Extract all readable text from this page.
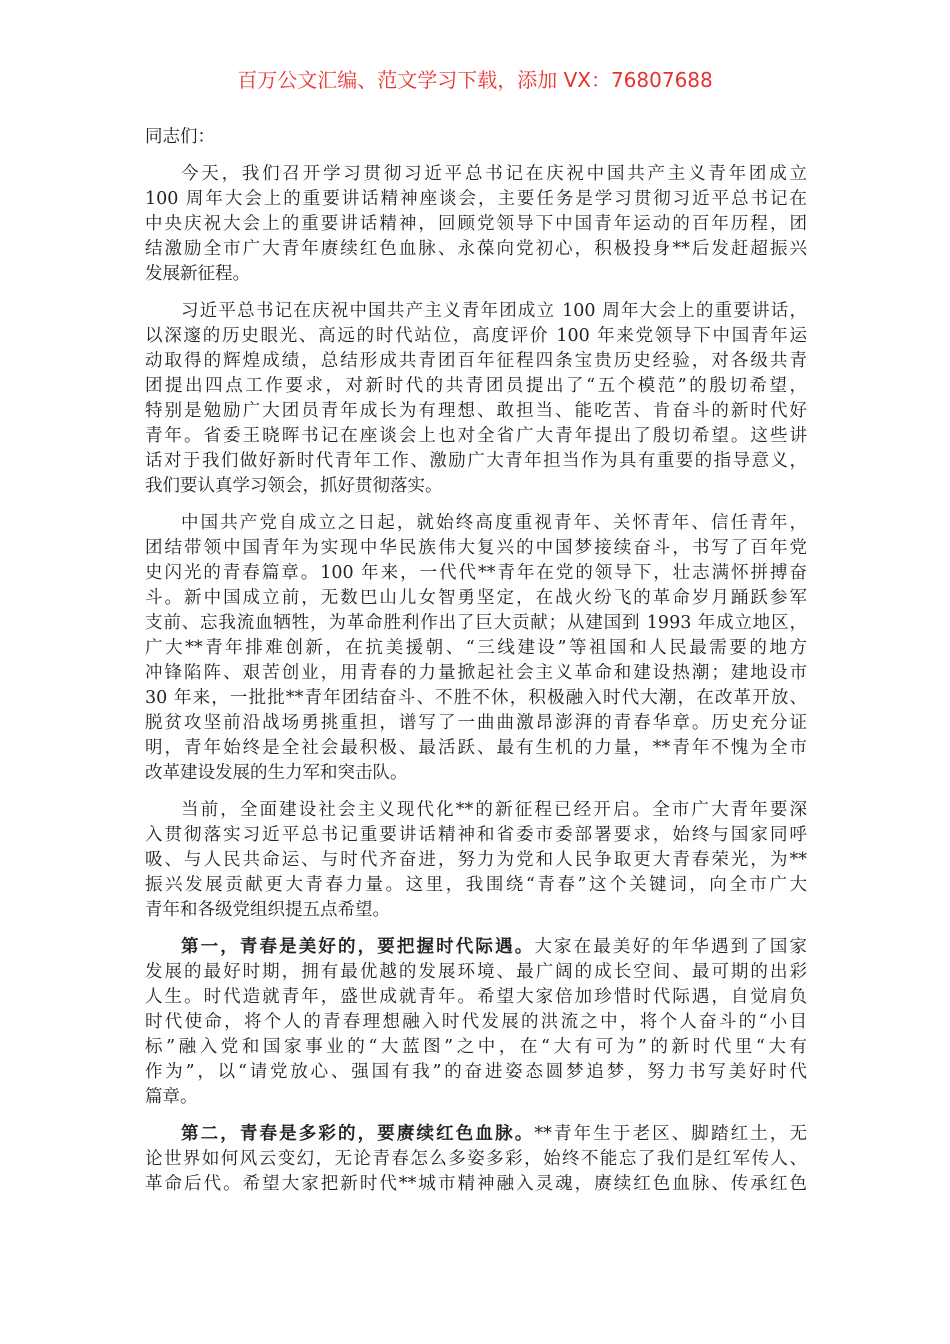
百万公文汇编、范文学习下载，添加 VX：76807688
同志们：
今天，我们召开学习贯彻习近平总书记在庆祝中国共产主义青年团成立
100 周年大会上的重要讲话精神座谈会，主要任务是学习贯彻习近平总书记在
中央庆祝大会上的重要讲话精神，回顾党领导下中国青年运动的百年历程，团
结激励全市广大青年赓续红色血脉、永葆向党初心，积极投身**后发赶超振兴
发展新征程。
习近平总书记在庆祝中国共产主义青年团成立 100 周年大会上的重要讲话，
以深邃的历史眼光、高远的时代站位，高度评价 100 年来党领导下中国青年运
动取得的辉煌成绩，总结形成共青团百年征程四条宝贵历史经验，对各级共青
团提出四点工作要求，对新时代的共青团员提出了“五个模范”的殷切希望，
特别是勉励广大团员青年成长为有理想、敢担当、能吃苦、肯奋斗的新时代好
青年。省委王晓晖书记在座谈会上也对全省广大青年提出了殷切希望。这些讲
话对于我们做好新时代青年工作、激励广大青年担当作为具有重要的指导意义，
我们要认真学习领会，抓好贯彻落实。
中国共产党自成立之日起，就始终高度重视青年、关怀青年、信任青年，
团结带领中国青年为实现中华民族伟大复兴的中国梦接续奋斗，书写了百年党
史闪光的青春篇章。100 年来，一代代**青年在党的领导下，壮志满怀拼搏奋
斗。新中国成立前，无数巴山儿女智勇坚定，在战火纷飞的革命岁月踊跃参军
支前、忘我流血牺牲，为革命胜利作出了巨大贡献；从建国到 1993 年成立地区，
广大**青年排难创新，在抗美援朝、“三线建设”等祖国和人民最需要的地方
冲锋陷阵、艰苦创业，用青春的力量掀起社会主义革命和建设热潮；建地设市
30 年来，一批批**青年团结奋斗、不胜不休，积极融入时代大潮，在改革开放、
脱贫攻坚前沿战场勇挑重担，谱写了一曲曲激昂澎湃的青春华章。历史充分证
明，青年始终是全社会最积极、最活跃、最有生机的力量，**青年不愧为全市
改革建设发展的生力军和突击队。
当前，全面建设社会主义现代化**的新征程已经开启。全市广大青年要深
入贯彻落实习近平总书记重要讲话精神和省委市委部署要求，始终与国家同呼
吸、与人民共命运、与时代齐奋进，努力为党和人民争取更大青春荣光，为**
振兴发展贡献更大青春力量。这里，我围绕“青春”这个关键词，向全市广大
青年和各级党组织提五点希望。
第一，青春是美好的，要把握时代际遇。大家在最美好的年华遇到了国家
发展的最好时期，拥有最优越的发展环境、最广阔的成长空间、最可期的出彩
人生。时代造就青年，盛世成就青年。希望大家倍加珍惜时代际遇，自觉肩负
时代使命，将个人的青春理想融入时代发展的洪流之中，将个人奋斗的“小目
标”融入党和国家事业的“大蓝图”之中，在“大有可为”的新时代里“大有
作为”，以“请党放心、强国有我”的奋进姿态圆梦追梦，努力书写美好时代
篇章。
第二，青春是多彩的，要赓续红色血脉。**青年生于老区、脚踏红土，无
论世界如何风云变幻，无论青春怎么多姿多彩，始终不能忘了我们是红军传人、
革命后代。希望大家把新时代**城市精神融入灵魂，赓续红色血脉、传承红色
